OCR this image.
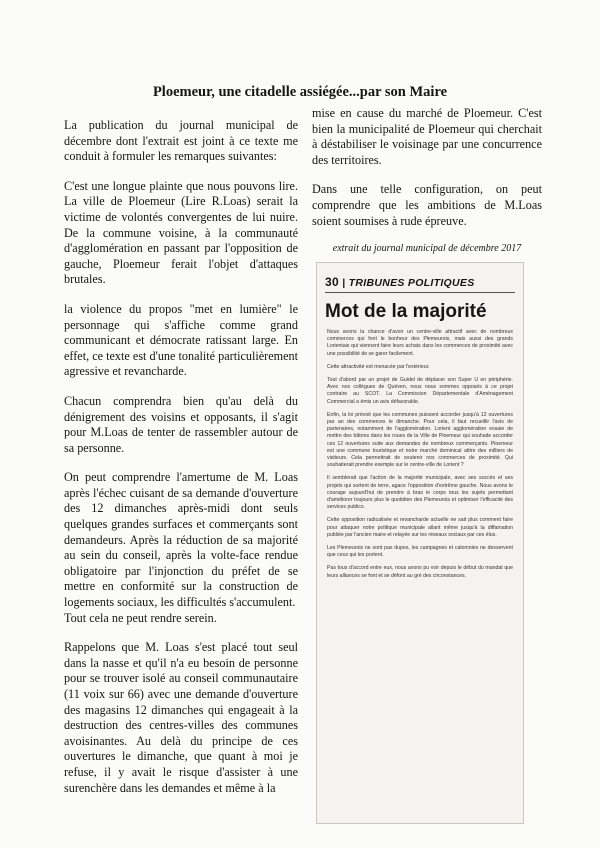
Ploemeur, une citadelle assiégée...par son Maire

La publication du journal municipal de décembre dont l'extrait est joint à ce texte me conduit à formuler les remarques suivantes:

C'est une longue plainte que nous pouvons lire. La ville de Ploemeur (Lire R.Loas) serait la victime de volontés convergentes de lui nuire. De la commune voisine, à la communauté d'agglomération en passant par l'opposition de gauche, Ploemeur ferait l'objet d'attaques brutales.

la violence du propos "met en lumière" le personnage qui s'affiche comme grand communicant et démocrate ratissant large. En effet, ce texte est d'une tonalité particulièrement agressive et revancharde.

Chacun comprendra bien qu'au delà du dénigrement des voisins et opposants, il s'agit pour M.Loas de tenter de rassembler autour de sa personne.

On peut comprendre l'amertume de M. Loas après l'échec cuisant de sa demande d'ouverture des 12 dimanches après-midi dont seuls quelques grandes surfaces et commerçants sont demandeurs. Après la réduction de sa majorité au sein du conseil, après la volte-face rendue obligatoire par l'injonction du préfet de se mettre en conformité sur la construction de logements sociaux, les difficultés s'accumulent.

Tout cela ne peut rendre serein.

Rappelons que M. Loas s'est placé tout seul dans la nasse et qu'il n'a eu besoin de personne pour se trouver isolé au conseil communautaire (11 voix sur 66) avec une demande d'ouverture des magasins 12 dimanches qui engageait à la destruction des centres-villes des communes avoisinantes. Au delà du principe de ces ouvertures le dimanche, que quant à moi je refuse, il y avait le risque d'assister à une surenchère dans les demandes et même à la

mise en cause du marché de Ploemeur. C'est bien la municipalité de Ploemeur qui cherchait à déstabiliser le voisinage par une concurrence des territoires.

Dans une telle configuration, on peut comprendre que les ambitions de M.Loas soient soumises à rude épreuve.

extrait du journal municipal de décembre 2017
30 | TRIBUNES POLITIQUES
Mot de la majorité

Nous avons la chance d'avoir un centre-ville attractif avec de nombreux commerces qui font le bonheur des Plemeurois, mais aussi des grands Lorientais qui viennent faire leurs achats dans les commerces de proximité avec une possibilité de se garer facilement.

Cette attractivité est menacée par l'extérieur.

Tout d'abord par un projet de Guidel de déplacer son Super U en périphérie. Avec nos collègues de Quéven, nous nous sommes opposés à ce projet contraire au SCOT. La Commission Départementale d'Aménagement Commercial a émis un avis défavorable.

Enfin, la loi prévoit que les communes puissent accorder jusqu'à 12 ouvertures par an des commerces le dimanche. Pour cela, il faut recueillir l'avis de partenaires, notamment de l'agglomération. Lorient agglomération essaie de mettre des bâtons dans les roues de la Ville de Ploemeur qui souhaite accorder ces 12 ouvertures suite aux demandes de nombreux commerçants. Ploemeur est une commune touristique et notre marché dominical attire des milliers de visiteurs. Cela permettrait de soutenir nos commerces de proximité. Qui souhaiterait prendre exemple sur le centre-ville de Lorient ?

Il semblerait que l'action de la majorité municipale, avec ses succès et ses projets qui sortent de terre, agace l'opposition d'extrême gauche. Nous avons le courage aujourd'hui de prendre à bras le corps tous les sujets permettant d'améliorer toujours plus le quotidien des Plemeurois et optimiser l'efficacité des services publics.

Cette opposition radicalisée et revancharde actuelle ne sait plus comment faire pour attaquer notre politique municipale allant même jusqu'à la diffamation publiée par l'ancien maire et relayée sur les réseaux sociaux par ces élus.

Les Plemeurois ne sont pas dupes, les campagnes et calomnies ne desservent que ceux qui les portent.

Pas tous d'accord entre eux, nous avons pu voir depuis le début du mandat que leurs alliances se font et se défont au gré des circonstances.
